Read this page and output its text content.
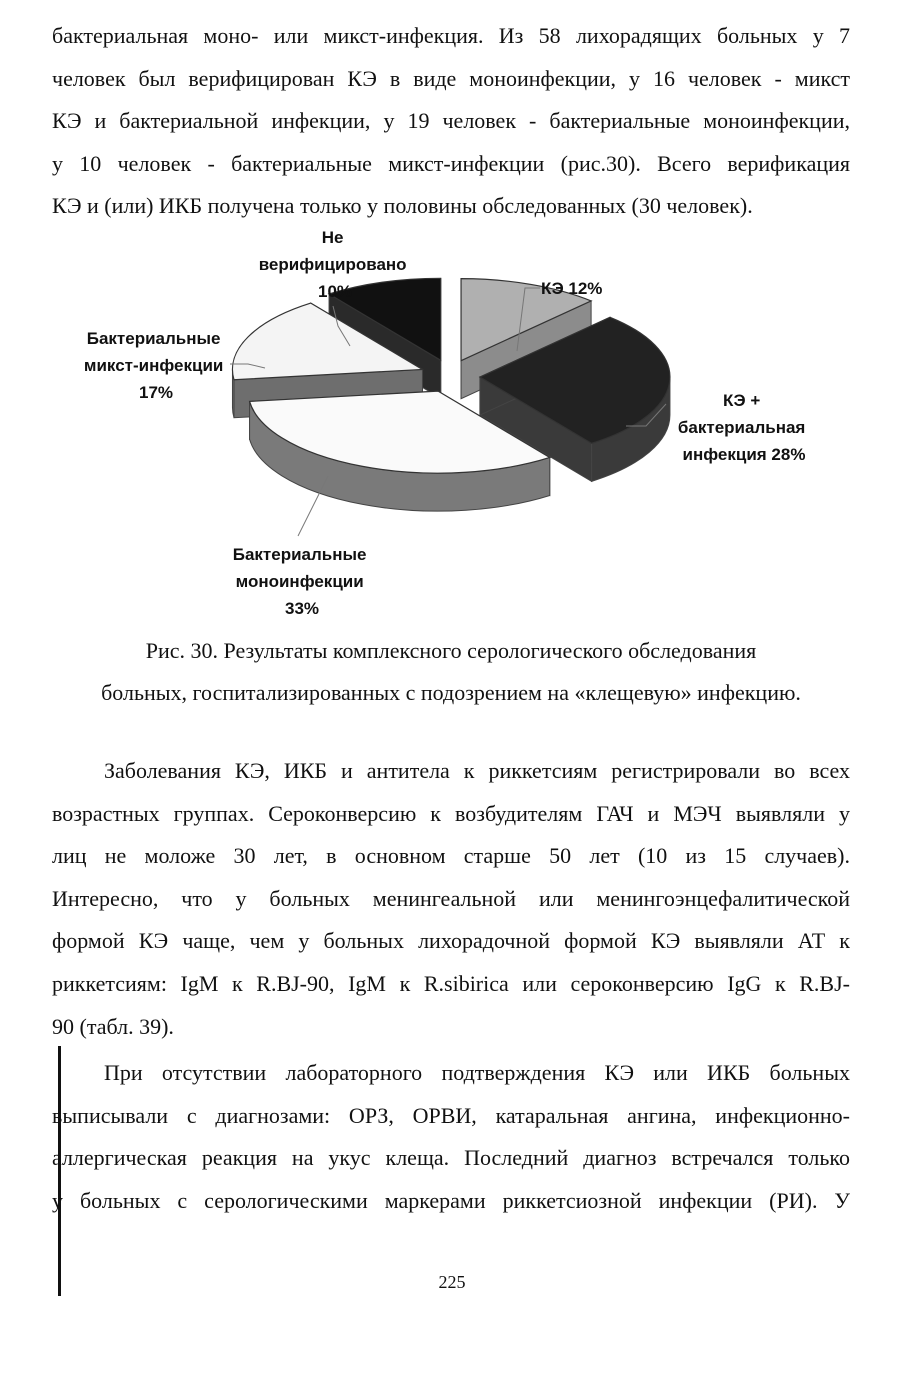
бактериальная моно- или микст-инфекция. Из 58 лихорадящих больных у 7
человек был верифицирован КЭ в виде моноинфекции, у 16 человек - микст
КЭ и бактериальной инфекции, у 19 человек - бактериальные моноинфекции,
у 10 человек - бактериальные микст-инфекции (рис.30). Всего верификация
КЭ и (или) ИКБ получена только у половины обследованных (30 человек).
КЭ 12%
КЭ + бактериальная инфекция 28%
Бактериальные моноинфекции 33%
Бактериальные микст-инфекции 17%
Не верифицировано 10%
Рис. 30. Результаты комплексного серологического обследования
больных, госпитализированных с подозрением на «клещевую» инфекцию.
Заболевания КЭ, ИКБ и антитела к риккетсиям регистрировали во всех
возрастных группах. Сероконверсию к возбудителям ГАЧ и МЭЧ выявляли у
лиц не моложе 30 лет, в основном старше 50 лет (10 из 15 случаев).
Интересно, что у больных менингеальной или менингоэнцефалитической
формой КЭ чаще, чем у больных лихорадочной формой КЭ выявляли АТ к
риккетсиям: IgM к R.BJ-90, IgM к R.sibirica или сероконверсию IgG к R.BJ-
90 (табл. 39).
При отсутствии лабораторного подтверждения КЭ или ИКБ больных
выписывали с диагнозами: ОРЗ, ОРВИ, катаральная ангина, инфекционно-
аллергическая реакция на укус клеща. Последний диагноз встречался только
у больных с серологическими маркерами риккетсиозной инфекции (РИ). У
225
